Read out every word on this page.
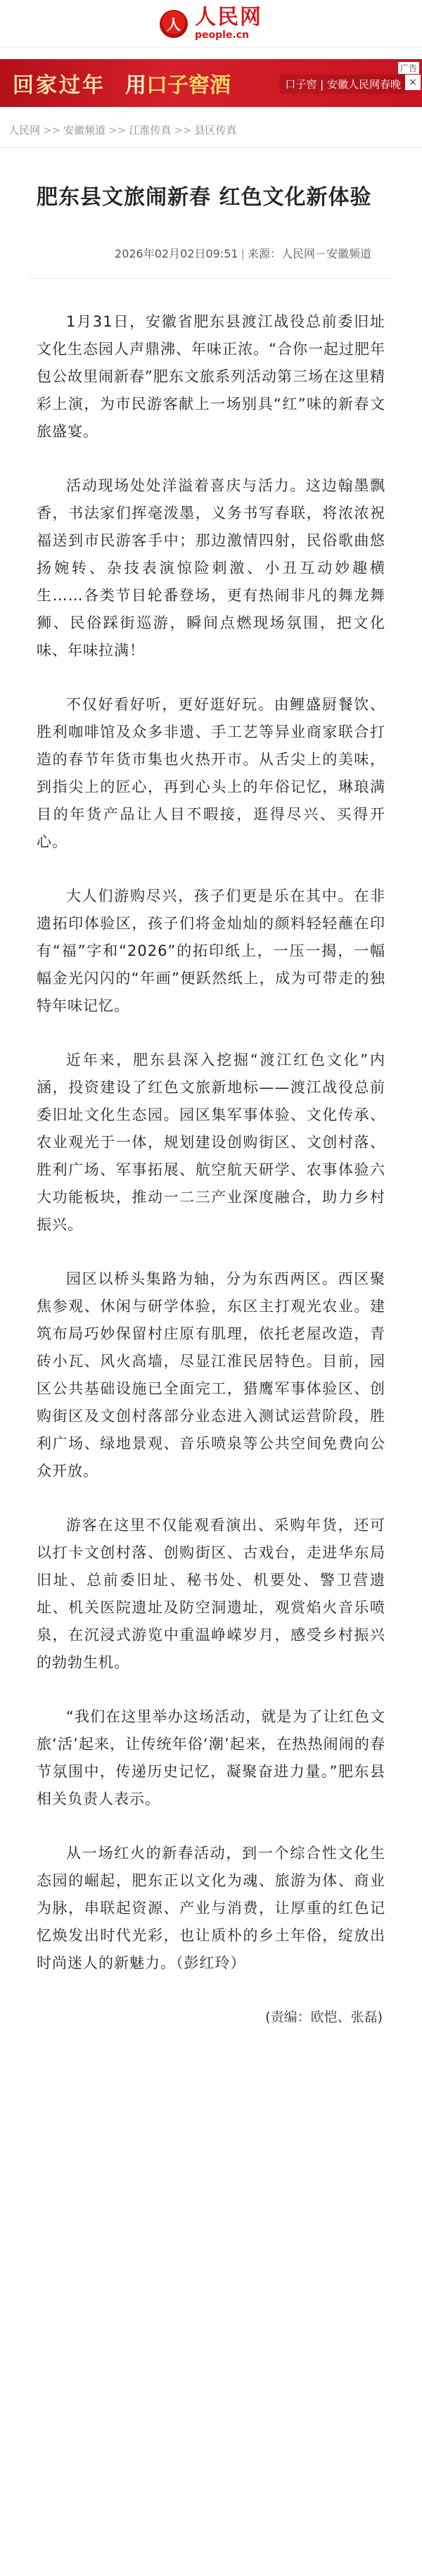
人 人民网
people.cn
回家过年 用口子窖酒	口子窖 | 安徽人民网春晚
广告
×
人民网 >> 安徽频道 >> 江淮传真 >> 县区传真
肥东县文旅闹新春 红色文化新体验
2026年02月02日09:51 | 来源：人民网－安徽频道

1月31日，安徽省肥东县渡江战役总前委旧址文化生态园人声鼎沸、年味正浓。“合你一起过肥年 包公故里闹新春”肥东文旅系列活动第三场在这里精彩上演，为市民游客献上一场别具“红”味的新春文旅盛宴。

活动现场处处洋溢着喜庆与活力。这边翰墨飘香，书法家们挥毫泼墨，义务书写春联，将浓浓祝福送到市民游客手中；那边激情四射，民俗歌曲悠扬婉转、杂技表演惊险刺激、小丑互动妙趣横生……各类节目轮番登场，更有热闹非凡的舞龙舞狮、民俗踩街巡游，瞬间点燃现场氛围，把文化味、年味拉满！

不仅好看好听，更好逛好玩。由鲤盛厨餐饮、胜利咖啡馆及众多非遗、手工艺等异业商家联合打造的春节年货市集也火热开市。从舌尖上的美味，到指尖上的匠心，再到心头上的年俗记忆，琳琅满目的年货产品让人目不暇接，逛得尽兴、买得开心。

大人们游购尽兴，孩子们更是乐在其中。在非遗拓印体验区，孩子们将金灿灿的颜料轻轻蘸在印有“福”字和“2026”的拓印纸上，一压一揭，一幅幅金光闪闪的“年画”便跃然纸上，成为可带走的独特年味记忆。

近年来，肥东县深入挖掘“渡江红色文化”内涵，投资建设了红色文旅新地标——渡江战役总前委旧址文化生态园。园区集军事体验、文化传承、农业观光于一体，规划建设创购街区、文创村落、胜利广场、军事拓展、航空航天研学、农事体验六大功能板块，推动一二三产业深度融合，助力乡村振兴。

园区以桥头集路为轴，分为东西两区。西区聚焦参观、休闲与研学体验，东区主打观光农业。建筑布局巧妙保留村庄原有肌理，依托老屋改造，青砖小瓦、风火高墙，尽显江淮民居特色。目前，园区公共基础设施已全面完工，猎鹰军事体验区、创购街区及文创村落部分业态进入测试运营阶段，胜利广场、绿地景观、音乐喷泉等公共空间免费向公众开放。

游客在这里不仅能观看演出、采购年货，还可以打卡文创村落、创购街区、古戏台，走进华东局旧址、总前委旧址、秘书处、机要处、警卫营遗址、机关医院遗址及防空洞遗址，观赏焰火音乐喷泉，在沉浸式游览中重温峥嵘岁月，感受乡村振兴的勃勃生机。

“我们在这里举办这场活动，就是为了让红色文旅‘活’起来，让传统年俗‘潮’起来，在热热闹闹的春节氛围中，传递历史记忆，凝聚奋进力量。”肥东县相关负责人表示。

从一场红火的新春活动，到一个综合性文化生态园的崛起，肥东正以文化为魂、旅游为体、商业为脉，串联起资源、产业与消费，让厚重的红色记忆焕发出时代光彩，也让质朴的乡土年俗，绽放出时尚迷人的新魅力。（彭红玲）

(责编：欧恺、张磊)
